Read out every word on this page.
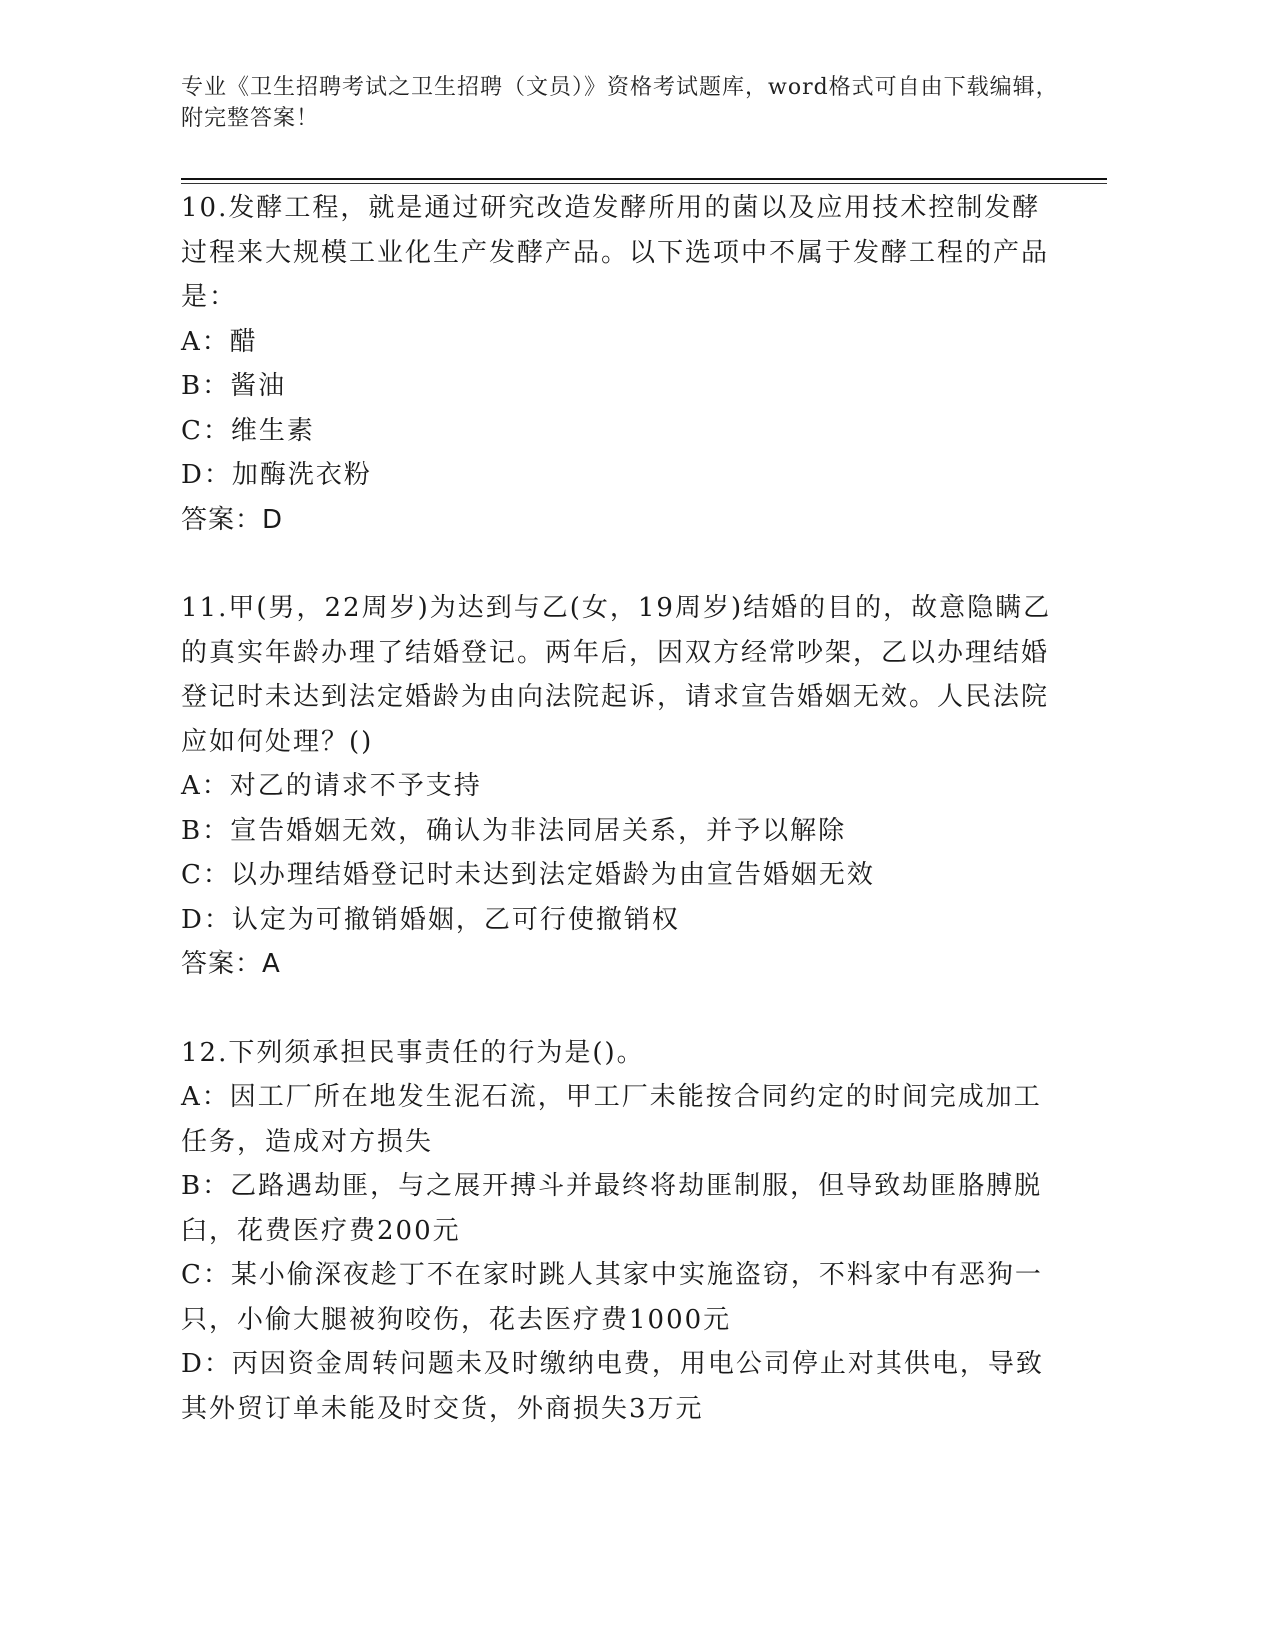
专业《卫生招聘考试之卫生招聘（文员）》资格考试题库，word格式可自由下载编辑，附完整答案！

10.发酵工程，就是通过研究改造发酵所用的菌以及应用技术控制发酵过程来大规模工业化生产发酵产品。以下选项中不属于发酵工程的产品是：

A：醋

B：酱油

C：维生素

D：加酶洗衣粉

答案：D

11.甲(男，22周岁)为达到与乙(女，19周岁)结婚的目的，故意隐瞒乙的真实年龄办理了结婚登记。两年后，因双方经常吵架，乙以办理结婚登记时未达到法定婚龄为由向法院起诉，请求宣告婚姻无效。人民法院应如何处理？()

A：对乙的请求不予支持

B：宣告婚姻无效，确认为非法同居关系，并予以解除

C：以办理结婚登记时未达到法定婚龄为由宣告婚姻无效

D：认定为可撤销婚姻，乙可行使撤销权

答案：A

12.下列须承担民事责任的行为是()。

A：因工厂所在地发生泥石流，甲工厂未能按合同约定的时间完成加工任务，造成对方损失

B：乙路遇劫匪，与之展开搏斗并最终将劫匪制服，但导致劫匪胳膊脱臼，花费医疗费200元

C：某小偷深夜趁丁不在家时跳人其家中实施盗窃，不料家中有恶狗一只，小偷大腿被狗咬伤，花去医疗费1000元

D：丙因资金周转问题未及时缴纳电费，用电公司停止对其供电，导致其外贸订单未能及时交货，外商损失3万元
